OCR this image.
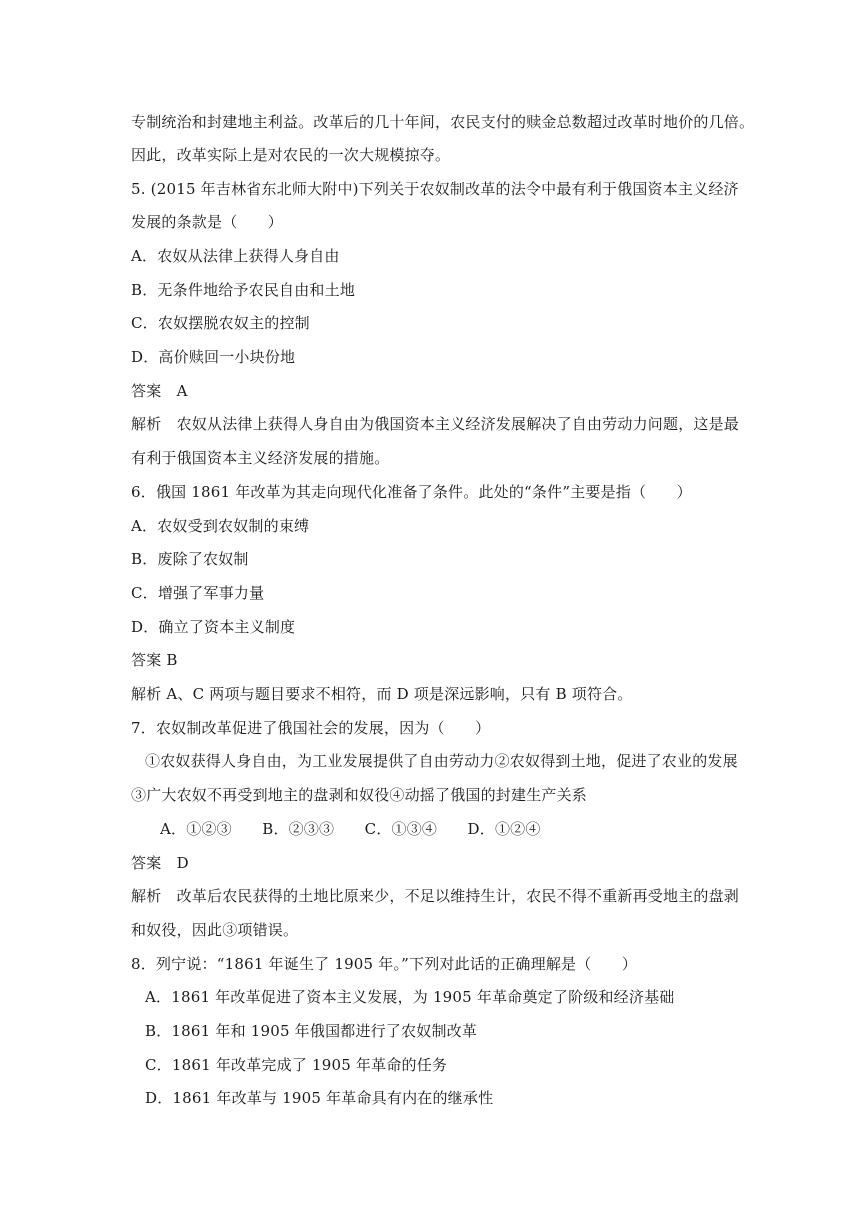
专制统治和封建地主利益。改革后的几十年间，农民支付的赎金总数超过改革时地价的几倍。
因此，改革实际上是对农民的一次大规模掠夺。
5. (2015 年吉林省东北师大附中)下列关于农奴制改革的法令中最有利于俄国资本主义经济
发展的条款是（　　）
A．农奴从法律上获得人身自由
B．无条件地给予农民自由和土地
C．农奴摆脱农奴主的控制
D．高价赎回一小块份地
答案　A
解析　农奴从法律上获得人身自由为俄国资本主义经济发展解决了自由劳动力问题，这是最
有利于俄国资本主义经济发展的措施。
6．俄国 1861 年改革为其走向现代化准备了条件。此处的“条件”主要是指（　　）
A．农奴受到农奴制的束缚
B．废除了农奴制
C．增强了军事力量
D．确立了资本主义制度
答案 B
解析 A、C 两项与题目要求不相符，而 D 项是深远影响，只有 B 项符合。
7．农奴制改革促进了俄国社会的发展，因为（　　）
①农奴获得人身自由，为工业发展提供了自由劳动力②农奴得到土地，促进了农业的发展
③广大农奴不再受到地主的盘剥和奴役④动摇了俄国的封建生产关系
A．①②③　　B．②③③　　C．①③④　　D．①②④
答案　D
解析　改革后农民获得的土地比原来少，不足以维持生计，农民不得不重新再受地主的盘剥
和奴役，因此③项错误。
8．列宁说：“1861 年诞生了 1905 年。”下列对此话的正确理解是（　　）
A．1861 年改革促进了资本主义发展，为 1905 年革命奠定了阶级和经济基础
B．1861 年和 1905 年俄国都进行了农奴制改革
C．1861 年改革完成了 1905 年革命的任务
D．1861 年改革与 1905 年革命具有内在的继承性
